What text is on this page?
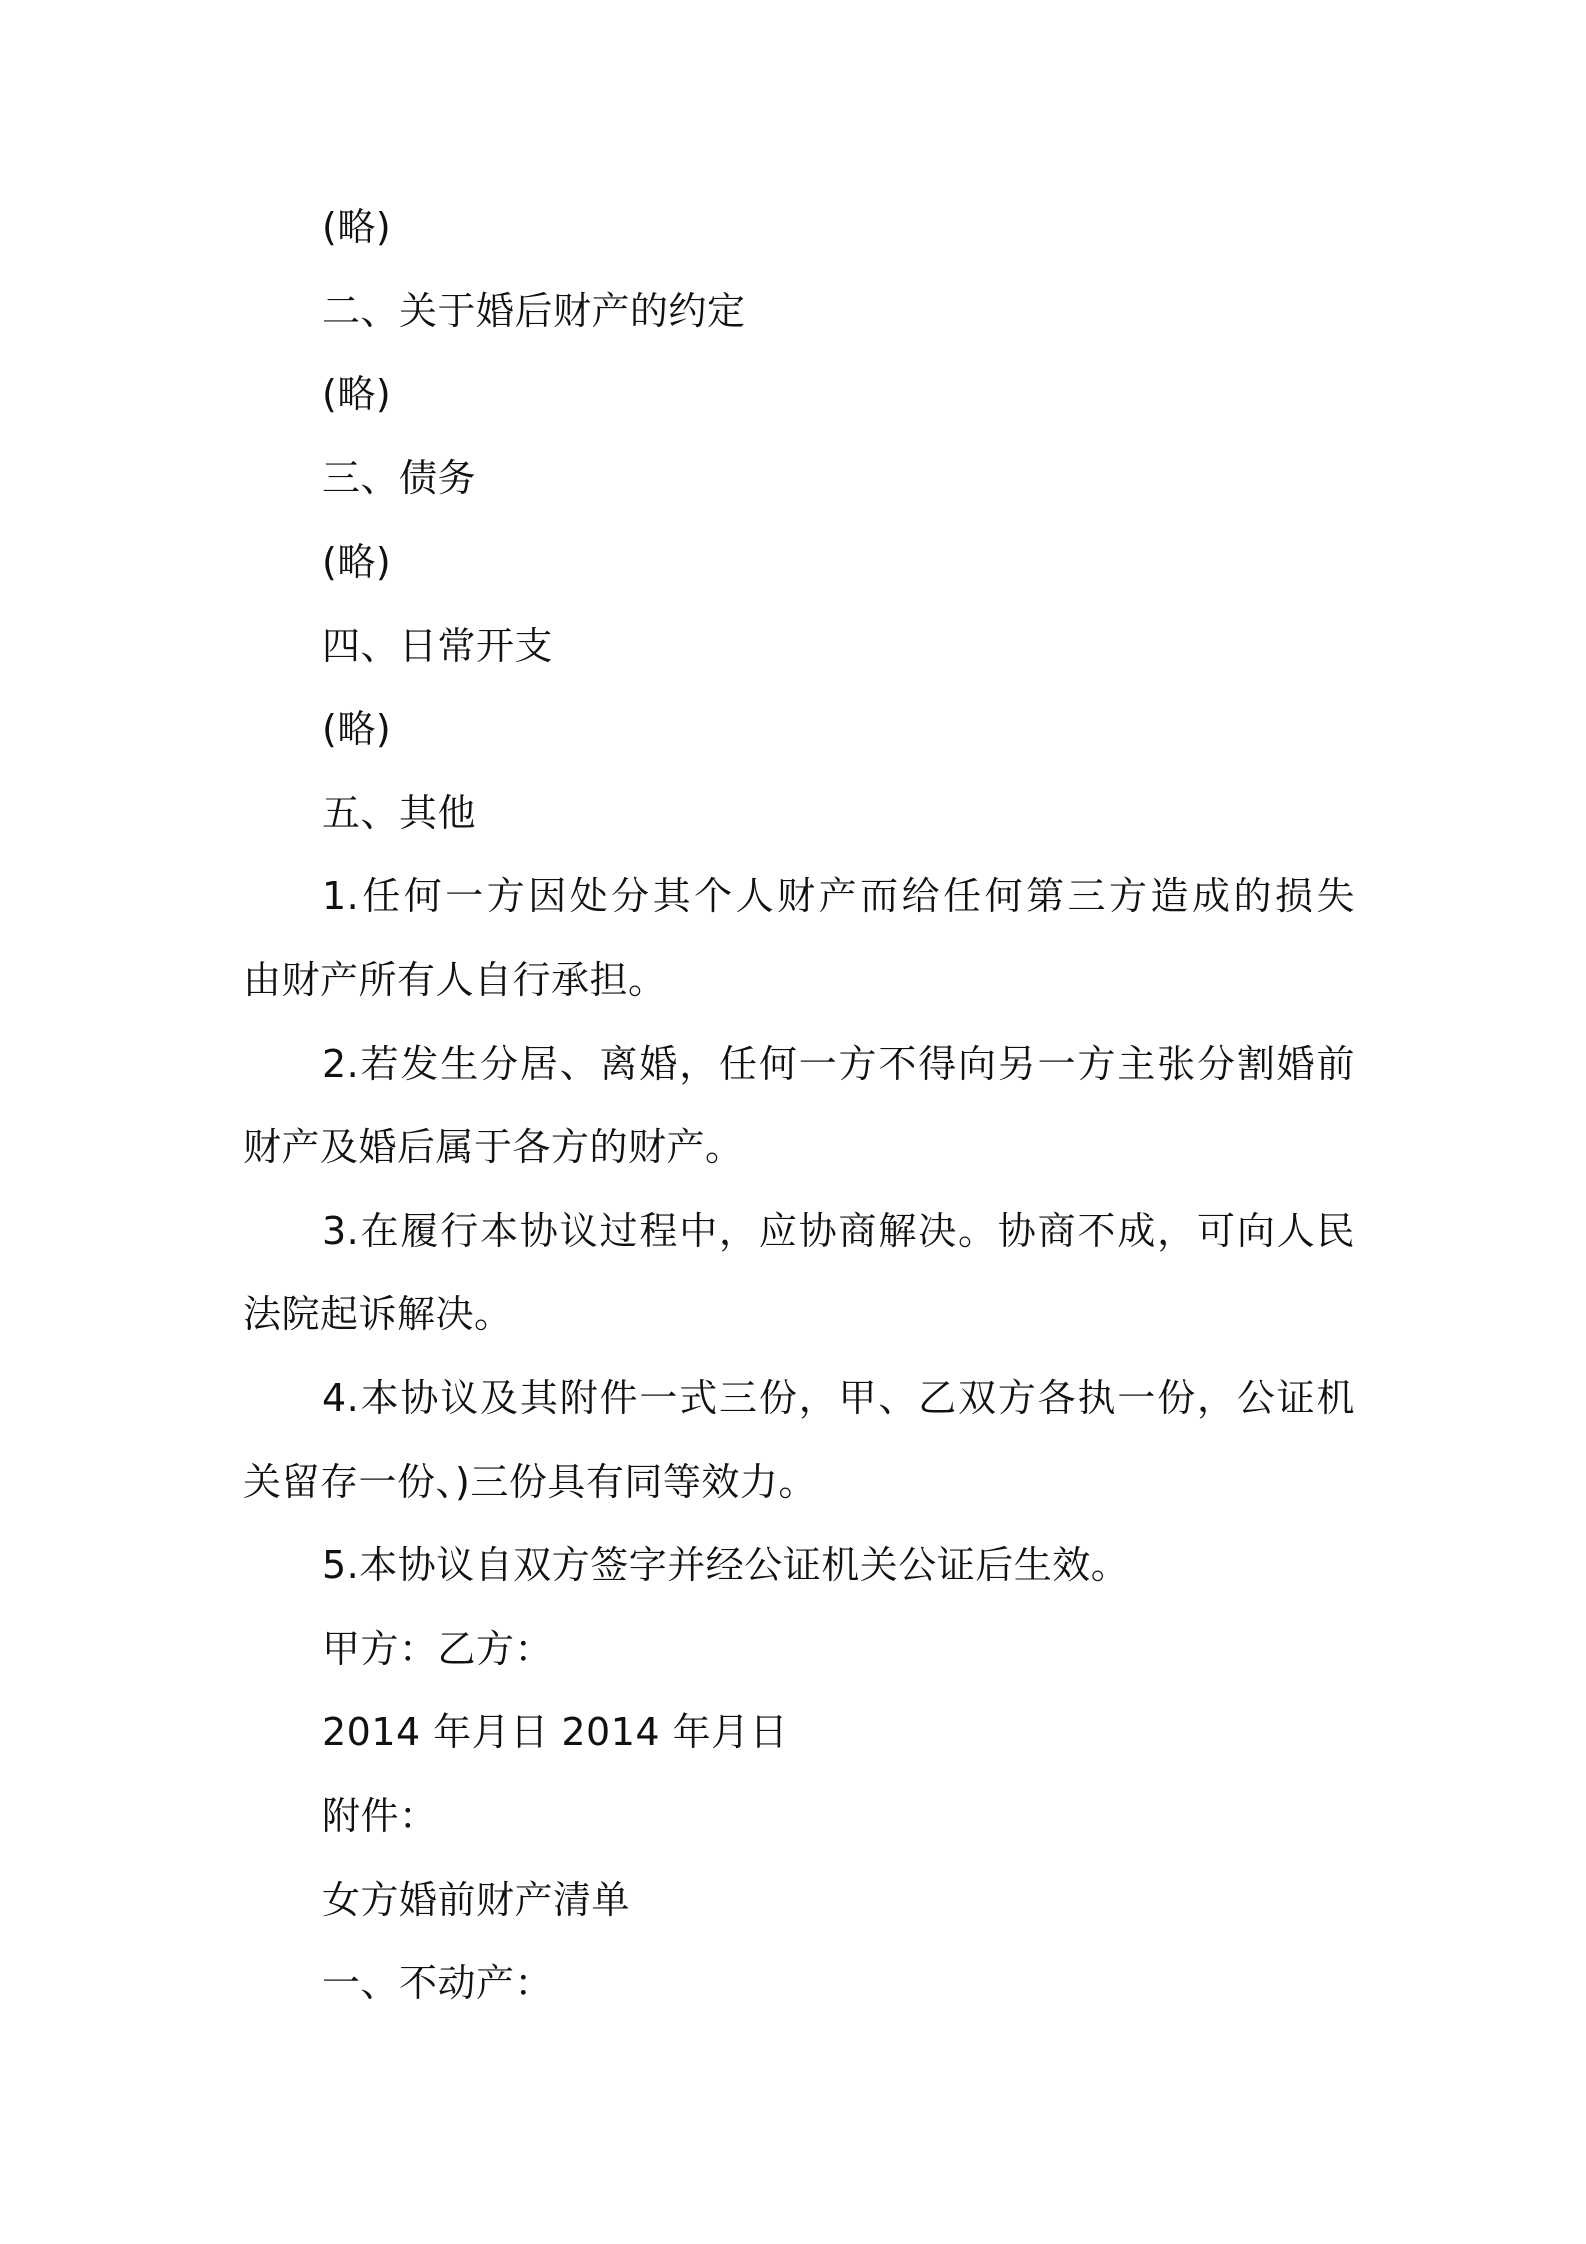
(略)
二、关于婚后财产的约定
(略)
三、债务
(略)
四、日常开支
(略)
五、其他
1.任何一方因处分其个人财产而给任何第三方造成的损失
由财产所有人自行承担。
2.若发生分居、离婚，任何一方不得向另一方主张分割婚前
财产及婚后属于各方的财产。
3.在履行本协议过程中，应协商解决。协商不成，可向人民
法院起诉解决。
4.本协议及其附件一式三份，甲、乙双方各执一份，公证机
关留存一份、)三份具有同等效力。
5.本协议自双方签字并经公证机关公证后生效。
甲方：乙方：
2014 年月日 2014 年月日
附件：
女方婚前财产清单
一、不动产：
